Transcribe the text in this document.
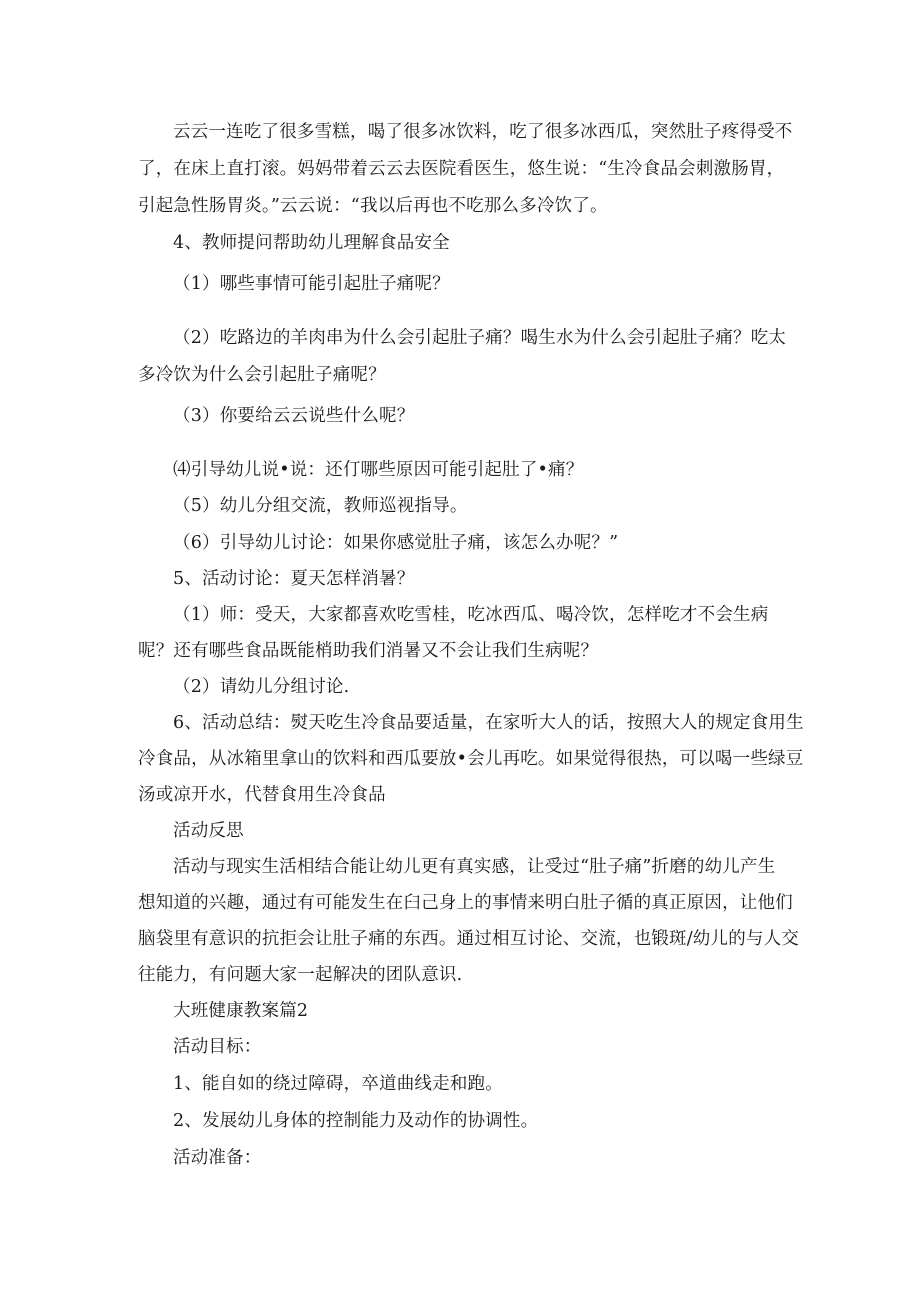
云云一连吃了很多雪糕，喝了很多冰饮料，吃了很多冰西瓜，突然肚子疼得受不
了，在床上直打滚。妈妈带着云云去医院看医生，悠生说：“生冷食品会刺激肠胃，
引起急性肠胃炎。”云云说：“我以后再也不吃那么多冷饮了。
4、教师提问帮助幼儿理解食品安全
（1）哪些事情可能引起肚子痛呢？
（2）吃路边的羊肉串为什么会引起肚子痛？喝生水为什么会引起肚子痛？吃太
多冷饮为什么会引起肚子痛呢？
（3）你要给云云说些什么呢？
⑷引导幼儿说•说：还仃哪些原因可能引起肚了•痛？
（5）幼儿分组交流，教师巡视指导。
（6）引导幼儿讨论：如果你感觉肚子痛，该怎么办呢？”
5、活动讨论：夏天怎样消暑？
（1）师：受天，大家都喜欢吃雪桂，吃冰西瓜、喝冷饮，怎样吃才不会生病
呢？还有哪些食品既能梢助我们消暑又不会让我们生病呢？
（2）请幼儿分组讨论.
6、活动总结：熨天吃生冷食品要适量，在家听大人的话，按照大人的规定食用生
冷食品，从冰箱里拿山的饮料和西瓜要放•会儿再吃。如果觉得很热，可以喝一些绿豆
汤或凉开水，代替食用生冷食品
活动反思
活动与现实生活相结合能让幼儿更有真实感，让受过“肚子痛”折磨的幼儿产生
想知道的兴趣，通过有可能发生在臼己身上的事情来明白肚子循的真正原因，让他们
脑袋里有意识的抗拒会让肚子痛的东西。通过相互讨论、交流，也锻斑/幼儿的与人交
往能力，有问题大家一起解决的团队意识.
大班健康教案篇2
活动目标：
1、能自如的绕过障碍，卒道曲线走和跑。
2、发展幼儿身体的控制能力及动作的协调性。
活动准备：
